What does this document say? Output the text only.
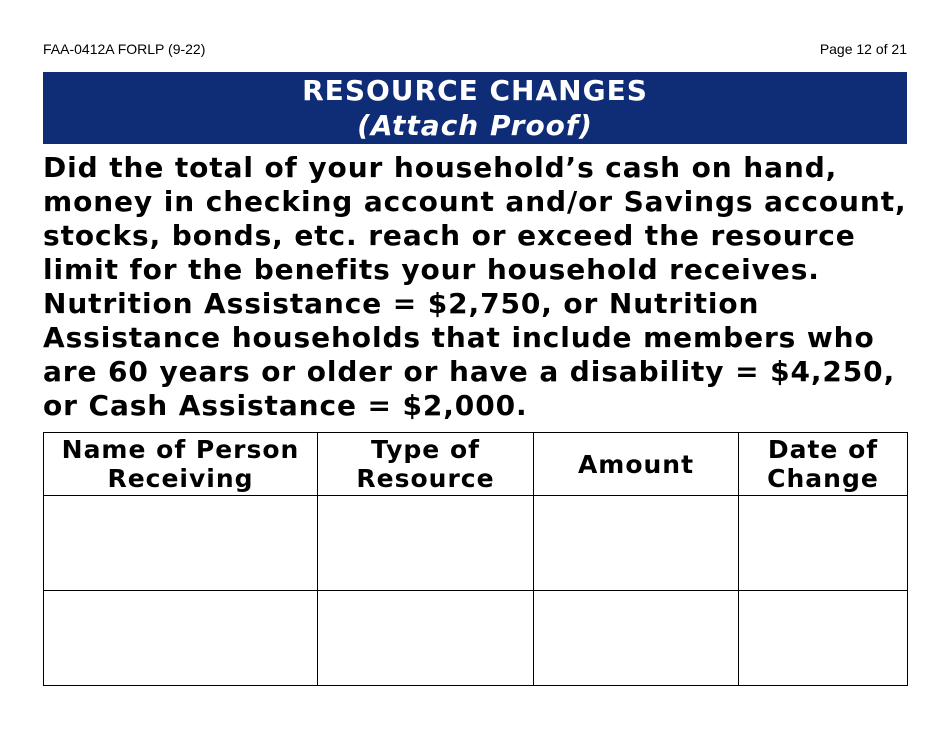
FAA-0412A FORLP (9-22)	Page 12 of 21
RESOURCE CHANGES
(Attach Proof)

Did the total of your household’s cash on hand, money in checking account and/or Savings account, stocks, bonds, etc. reach or exceed the resource limit for the benefits your household receives. Nutrition Assistance = $2,750, or Nutrition Assistance households that include members who are 60 years or older or have a disability = $4,250, or Cash Assistance = $2,000.

Name of Person Receiving	Type of Resource	Amount	Date of Change
